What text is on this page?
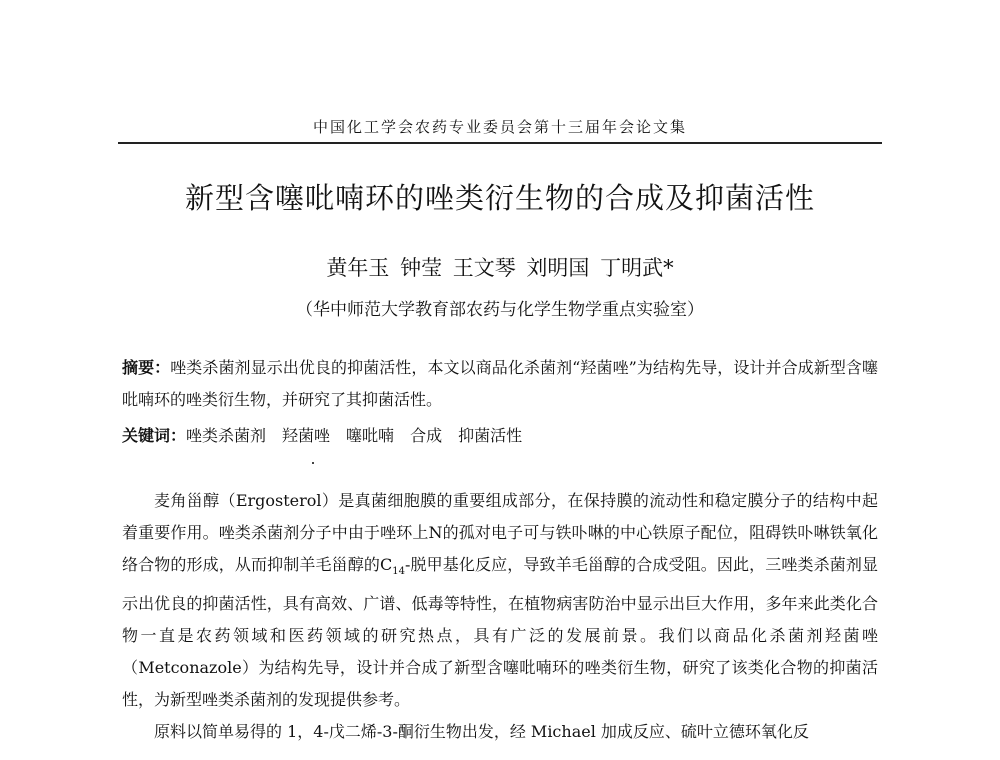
中国化工学会农药专业委员会第十三届年会论文集
新型含噻吡喃环的唑类衍生物的合成及抑菌活性
黄年玉 钟莹 王文琴 刘明国 丁明武*
（华中师范大学教育部农药与化学生物学重点实验室）
摘要：唑类杀菌剂显示出优良的抑菌活性，本文以商品化杀菌剂“羟菌唑”为结构先导，设计并合成新型含噻吡喃环的唑类衍生物，并研究了其抑菌活性。
关键词：唑类杀菌剂 羟菌唑 噻吡喃 合成 抑菌活性

麦角甾醇（Ergosterol）是真菌细胞膜的重要组成部分，在保持膜的流动性和稳定膜分子的结构中起着重要作用。唑类杀菌剂分子中由于唑环上N的孤对电子可与铁卟啉的中心铁原子配位，阻碍铁卟啉铁氧化络合物的形成，从而抑制羊毛甾醇的$C_{14}-$脱甲基化反应，导致羊毛甾醇的合成受阻。因此，三唑类杀菌剂显示出优良的抑菌活性，具有高效、广谱、低毒等特性，在植物病害防治中显示出巨大作用，多年来此类化合物一直是农药领域和医药领域的研究热点，具有广泛的发展前景。我们以商品化杀菌剂羟菌唑（Metconazole）为结构先导，设计并合成了新型含噻吡喃环的唑类衍生物，研究了该类化合物的抑菌活性，为新型唑类杀菌剂的发现提供参考。

原料以简单易得的 1，4-戊二烯-3-酮衍生物出发，经 Michael 加成反应、硫叶立德环氧化反
